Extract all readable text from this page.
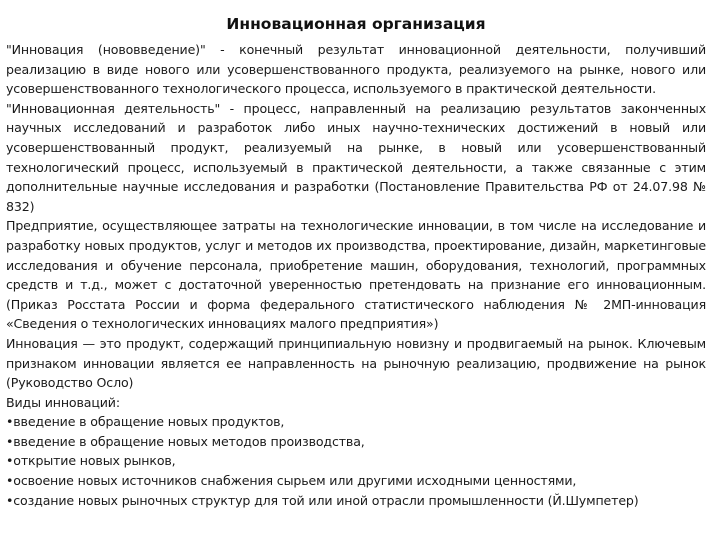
Инновационная организация

"Инновация (нововведение)" - конечный результат инновационной деятельности, получивший реализацию в виде нового или усовершенствованного продукта, реализуемого на рынке, нового или усовершенствованного технологического процесса, используемого в практической деятельности.

"Инновационная деятельность" - процесс, направленный на реализацию результатов законченных научных исследований и разработок либо иных научно-технических достижений в новый или усовершенствованный продукт, реализуемый на рынке, в новый или усовершенствованный технологический процесс, используемый в практической деятельности, а также связанные с этим дополнительные научные исследования и разработки (Постановление Правительства РФ от 24.07.98 № 832)

Предприятие, осуществляющее затраты на технологические инновации, в том числе на исследование и разработку новых продуктов, услуг и методов их производства, проектирование, дизайн, маркетинговые исследования и обучение персонала, приобретение машин, оборудования, технологий, программных средств и т.д., может с достаточной уверенностью претендовать на признание его инновационным. (Приказ Росстата России и форма федерального статистического наблюдения № 2МП-инновация «Сведения о технологических инновациях малого предприятия»)

Инновация — это продукт, содержащий принципиальную новизну и продвигаемый на рынок. Ключевым признаком инновации является ее направленность на рыночную реализацию, продвижение на рынок (Руководство Осло)

Виды инноваций:

•введение в обращение новых продуктов,
•введение в обращение новых методов производства,
•открытие новых рынков,
•освоение новых источников снабжения сырьем или другими исходными ценностями,
•создание новых рыночных структур для той или иной отрасли промышленности (Й.Шумпетер)
